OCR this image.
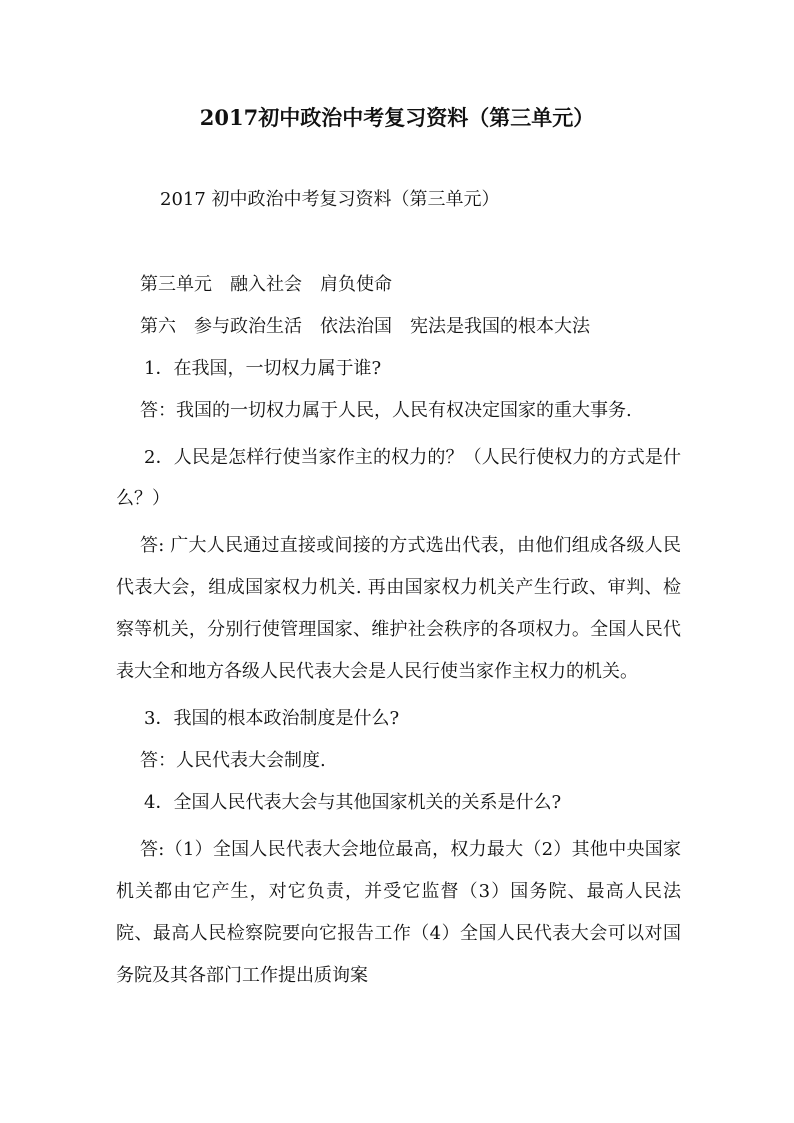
2017初中政治中考复习资料（第三单元）

2017 初中政治中考复习资料（第三单元）

第三单元　融入社会　肩负使命

第六　参与政治生活　依法治国　宪法是我国的根本大法

1．在我国，一切权力属于谁?

答：我国的一切权力属于人民，人民有权决定国家的重大事务.

2．人民是怎样行使当家作主的权力的？（人民行使权力的方式是什么？）

答: 广大人民通过直接或间接的方式选出代表，由他们组成各级人民代表大会，组成国家权力机关. 再由国家权力机关产生行政、审判、检察等机关，分别行使管理国家、维护社会秩序的各项权力。全国人民代表大全和地方各级人民代表大会是人民行使当家作主权力的机关。

3．我国的根本政治制度是什么?

答：人民代表大会制度.

4．全国人民代表大会与其他国家机关的关系是什么?

答:（1）全国人民代表大会地位最高，权力最大（2）其他中央国家机关都由它产生，对它负责，并受它监督（3）国务院、最高人民法院、最高人民检察院要向它报告工作（4）全国人民代表大会可以对国务院及其各部门工作提出质询案
